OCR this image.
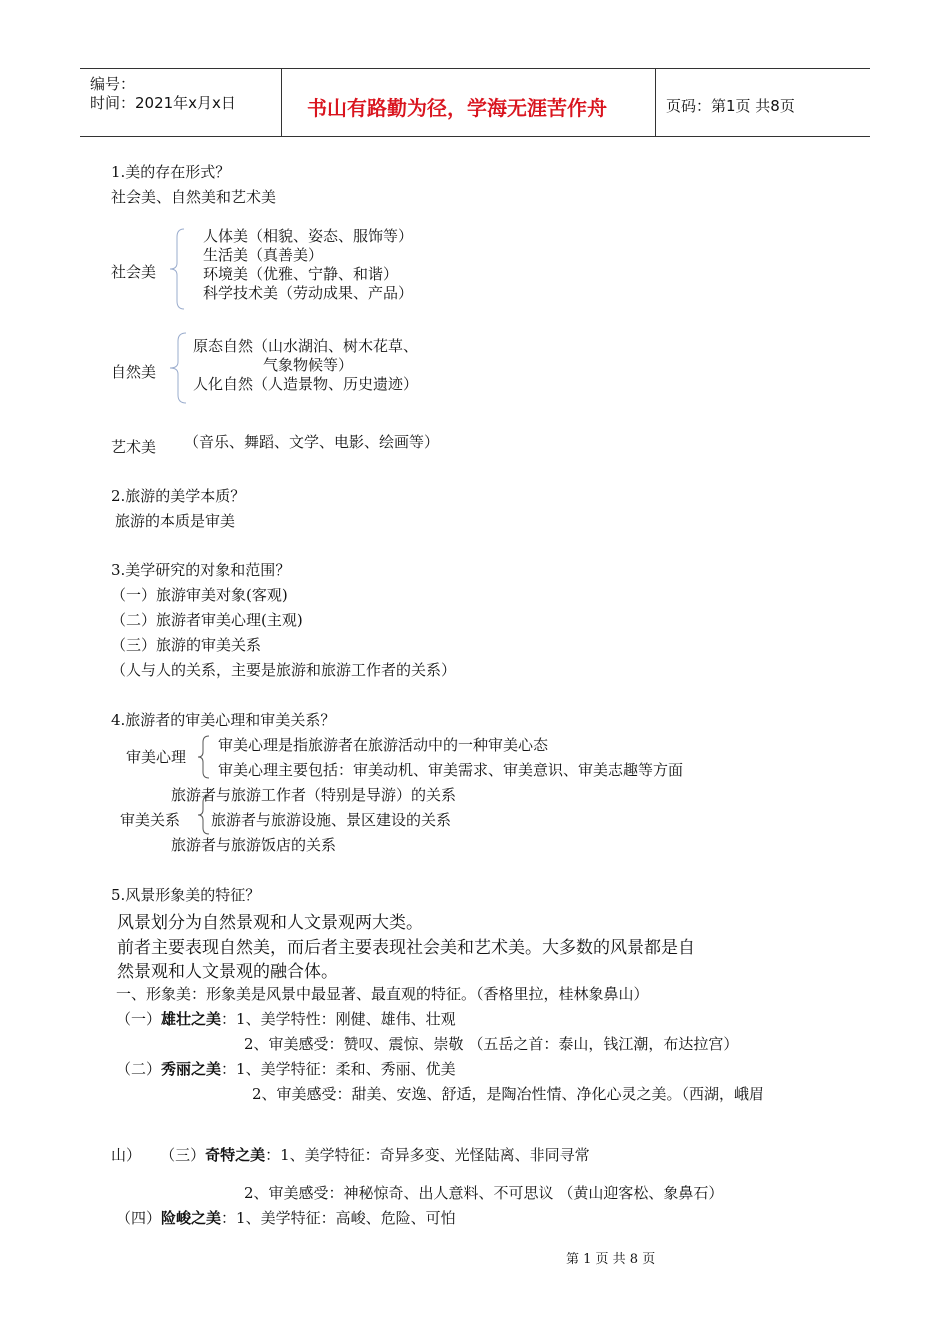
编号：
时间：2021年x月x日	书山有路勤为径，学海无涯苦作舟	页码：第1页 共8页
1.美的存在形式？
社会美、自然美和艺术美
社会美
人体美（相貌、姿态、服饰等）
生活美（真善美）
环境美（优雅、宁静、和谐）
科学技术美（劳动成果、产品）
自然美
原态自然（山水湖泊、树木花草、
气象物候等）
人化自然（人造景物、历史遗迹）
艺术美 （音乐、舞蹈、文学、电影、绘画等）
2.旅游的美学本质？
旅游的本质是审美
3.美学研究的对象和范围？
（一）旅游审美对象(客观)
（二）旅游者审美心理(主观)
（三）旅游的审美关系
（人与人的关系，主要是旅游和旅游工作者的关系）
4.旅游者的审美心理和审美关系？
审美心理
审美心理是指旅游者在旅游活动中的一种审美心态
审美心理主要包括：审美动机、审美需求、审美意识、审美志趣等方面
审美关系
旅游者与旅游工作者（特别是导游）的关系
旅游者与旅游设施、景区建设的关系
旅游者与旅游饭店的关系
5.风景形象美的特征？
风景划分为自然景观和人文景观两大类。
前者主要表现自然美，而后者主要表现社会美和艺术美。大多数的风景都是自
然景观和人文景观的融合体。
一、形象美：形象美是风景中最显著、最直观的特征。（香格里拉，桂林象鼻山）
（一）雄壮之美：1、美学特性：刚健、雄伟、壮观
2、审美感受：赞叹、震惊、崇敬 （五岳之首：泰山，钱江潮，布达拉宫）
（二）秀丽之美：1、美学特征：柔和、秀丽、优美
2、审美感受：甜美、安逸、舒适，是陶冶性情、净化心灵之美。（西湖，峨眉
山）    （三）奇特之美：1、美学特征：奇异多变、光怪陆离、非同寻常
2、审美感受：神秘惊奇、出人意料、不可思议 （黄山迎客松、象鼻石）
（四）险峻之美：1、美学特征：高峻、危险、可怕
第 1 页 共 8 页
